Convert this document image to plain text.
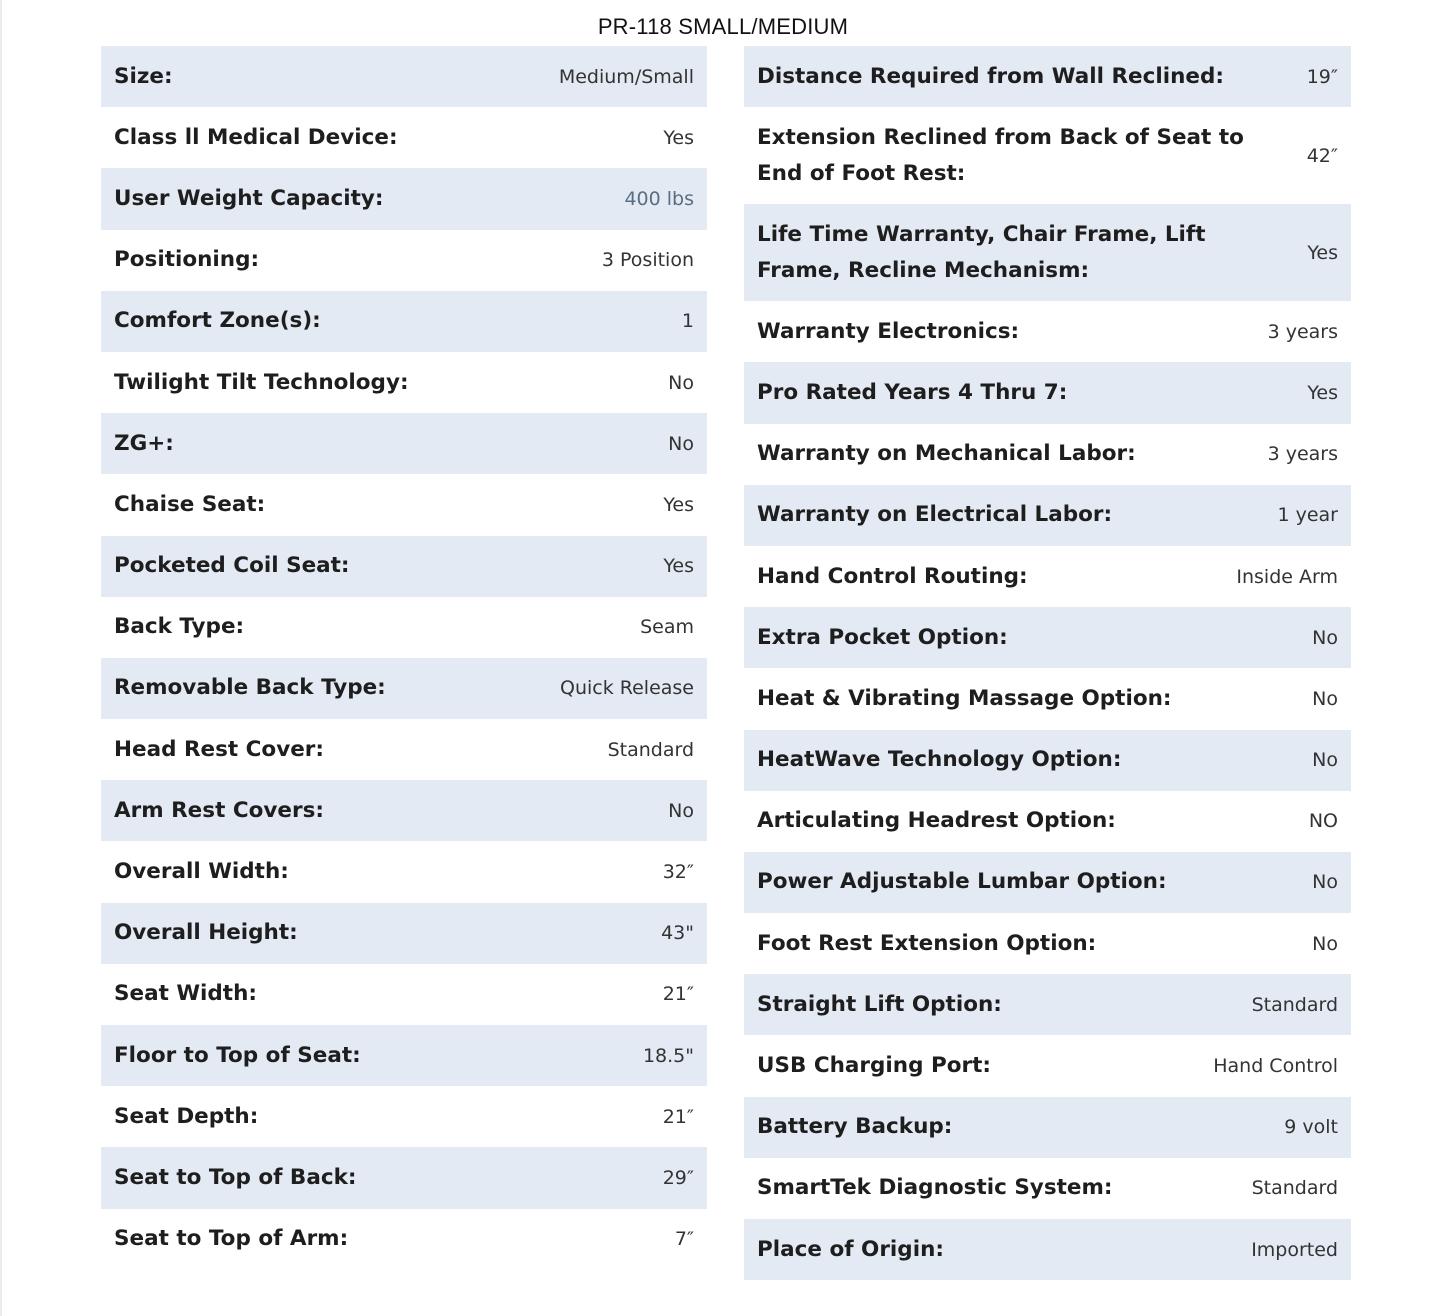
PR-118 SMALL/MEDIUM
Size:	Medium/Small
Class ll Medical Device:	Yes
User Weight Capacity:	400 lbs
Positioning:	3 Position
Comfort Zone(s):	1
Twilight Tilt Technology:	No
ZG+:	No
Chaise Seat:	Yes
Pocketed Coil Seat:	Yes
Back Type:	Seam
Removable Back Type:	Quick Release
Head Rest Cover:	Standard
Arm Rest Covers:	No
Overall Width:	32″
Overall Height:	43"
Seat Width:	21″
Floor to Top of Seat:	18.5"
Seat Depth:	21″
Seat to Top of Back:	29″
Seat to Top of Arm:	7″
Distance Required from Wall Reclined:	19″
Extension Reclined from Back of Seat to End of Foot Rest:
42″
Life Time Warranty, Chair Frame, Lift Frame, Recline Mechanism:
Yes
Warranty Electronics:	3 years
Pro Rated Years 4 Thru 7:	Yes
Warranty on Mechanical Labor:	3 years
Warranty on Electrical Labor:	1 year
Hand Control Routing:	Inside Arm
Extra Pocket Option:	No
Heat & Vibrating Massage Option:	No
HeatWave Technology Option:	No
Articulating Headrest Option:	NO
Power Adjustable Lumbar Option:	No
Foot Rest Extension Option:	No
Straight Lift Option:	Standard
USB Charging Port:	Hand Control
Battery Backup:	9 volt
SmartTek Diagnostic System:	Standard
Place of Origin:	Imported
